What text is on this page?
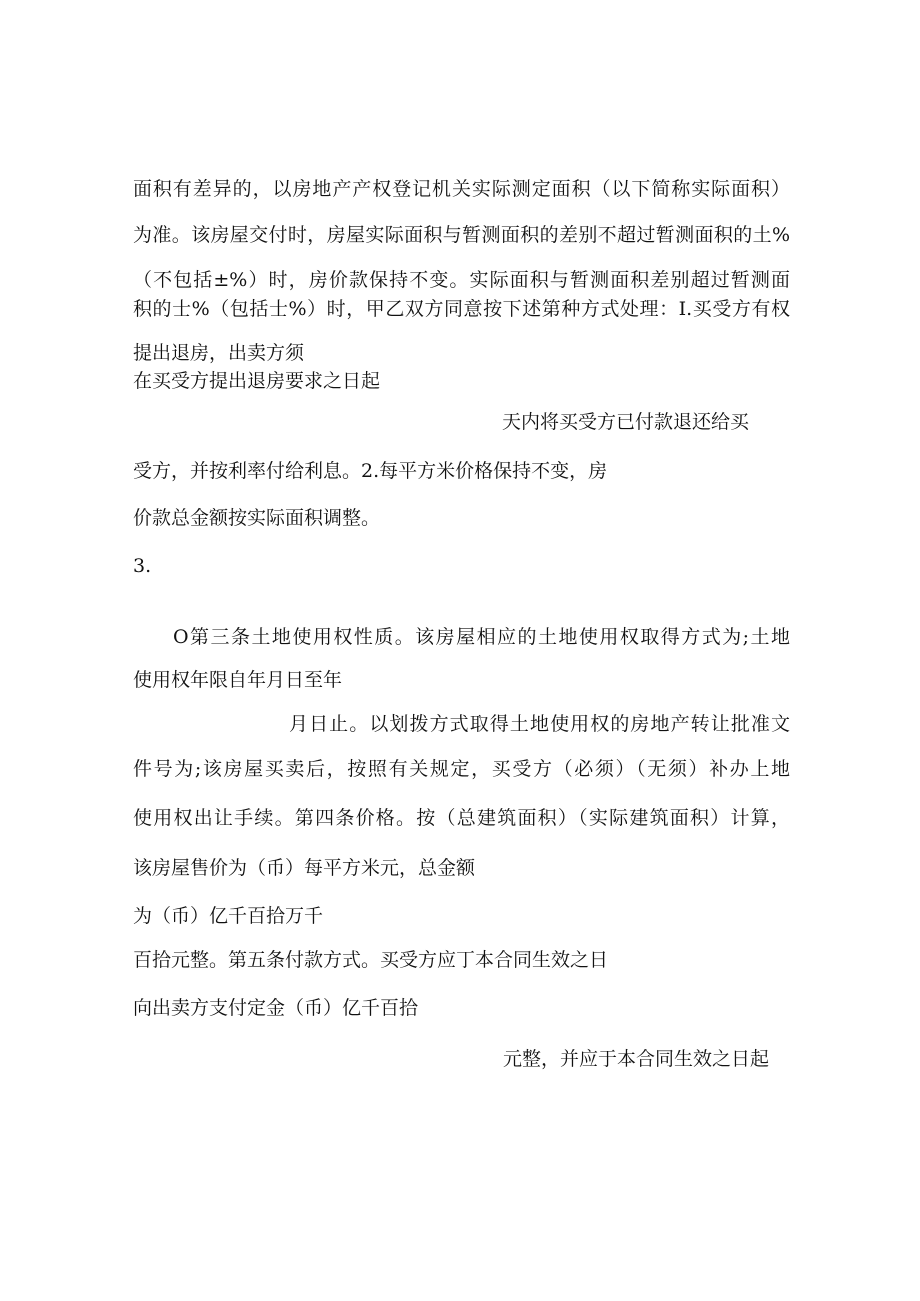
面积有差异的，以房地产产权登记机关实际测定面积（以下简称实际面积）

为准。该房屋交付时，房屋实际面积与暂测面积的差别不超过暂测面积的土%

（不包括±%）时，房价款保持不变。实际面积与暂测面积差别超过暂测面

积的士%（包括士%）时，甲乙双方同意按下述第种方式处理：I.买受方有权

提出退房，出卖方须

在买受方提出退房要求之日起

天内将买受方已付款退还给买

受方，并按利率付给利息。2.每平方米价格保持不变，房

价款总金额按实际面积调整。

3.

O第三条土地使用权性质。该房屋相应的土地使用权取得方式为;土地

使用权年限自年月日至年

月日止。以划拨方式取得土地使用权的房地产转让批准文

件号为;该房屋买卖后，按照有关规定，买受方（必须）（无须）补办上地

使用权出让手续。第四条价格。按（总建筑面积）（实际建筑面积）计算，

该房屋售价为（币）每平方米元，总金额

为（币）亿千百拾万千

百拾元整。第五条付款方式。买受方应丁本合同生效之日

向出卖方支付定金（币）亿千百拾

元整，并应于本合同生效之日起
